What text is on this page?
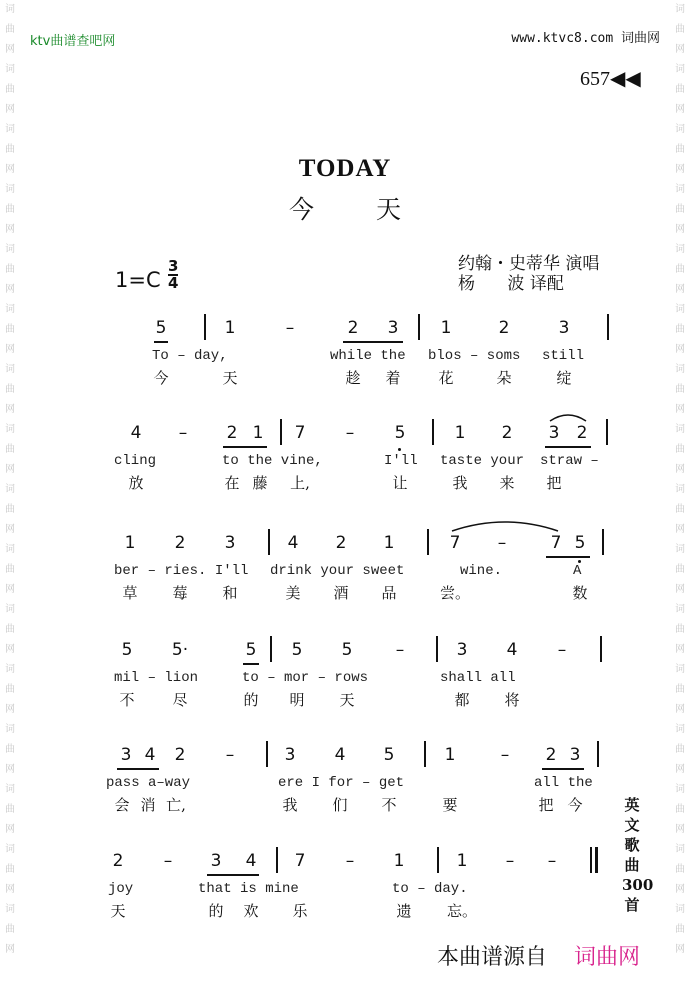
词曲网词曲网词曲网词曲网词曲网词曲网词曲网词曲网词曲网词曲网词曲网词曲网词曲网词曲网词曲网词曲网
词曲网词曲网词曲网词曲网词曲网词曲网词曲网词曲网词曲网词曲网词曲网词曲网词曲网词曲网词曲网词曲网
ktv曲谱查吧网	www.ktvc8.com 词曲网
657◀◀
TODAY
今天
约翰・史蒂华 演唱
杨      波 译配
1=C
3
4
5	1	–	2 3 1	2	3
To – day,	while the blos – soms still
今	天	趁 着	花	朵	绽
4 – 2 1 7 – 5	1 2 3 2
cling	to the vine,	I'll taste your straw –
放	在 藤 上,	让	我 来 把
1 2 3	4 2 1	7 –	7 5
ber – ries. I'll drink your sweet	wine.	A
草 莓 和	美 酒 品	尝。	数
5 5·	5 5 5	–	3 4 –
mil – lion	to – mor – rows	shall all
不	尽	的 明 天	都 将
3 4 2 –	3 4 5	1	– 2 3
pass a–way	ere I for – get	all the
会 消 亡,	我 们 不	要	把 今
2 – 3 4 7 – 1	1 – –
joy	that is mine	to – day.
天	的 欢 乐	遗 忘。
英文歌曲300首
本曲谱源自 词曲网
